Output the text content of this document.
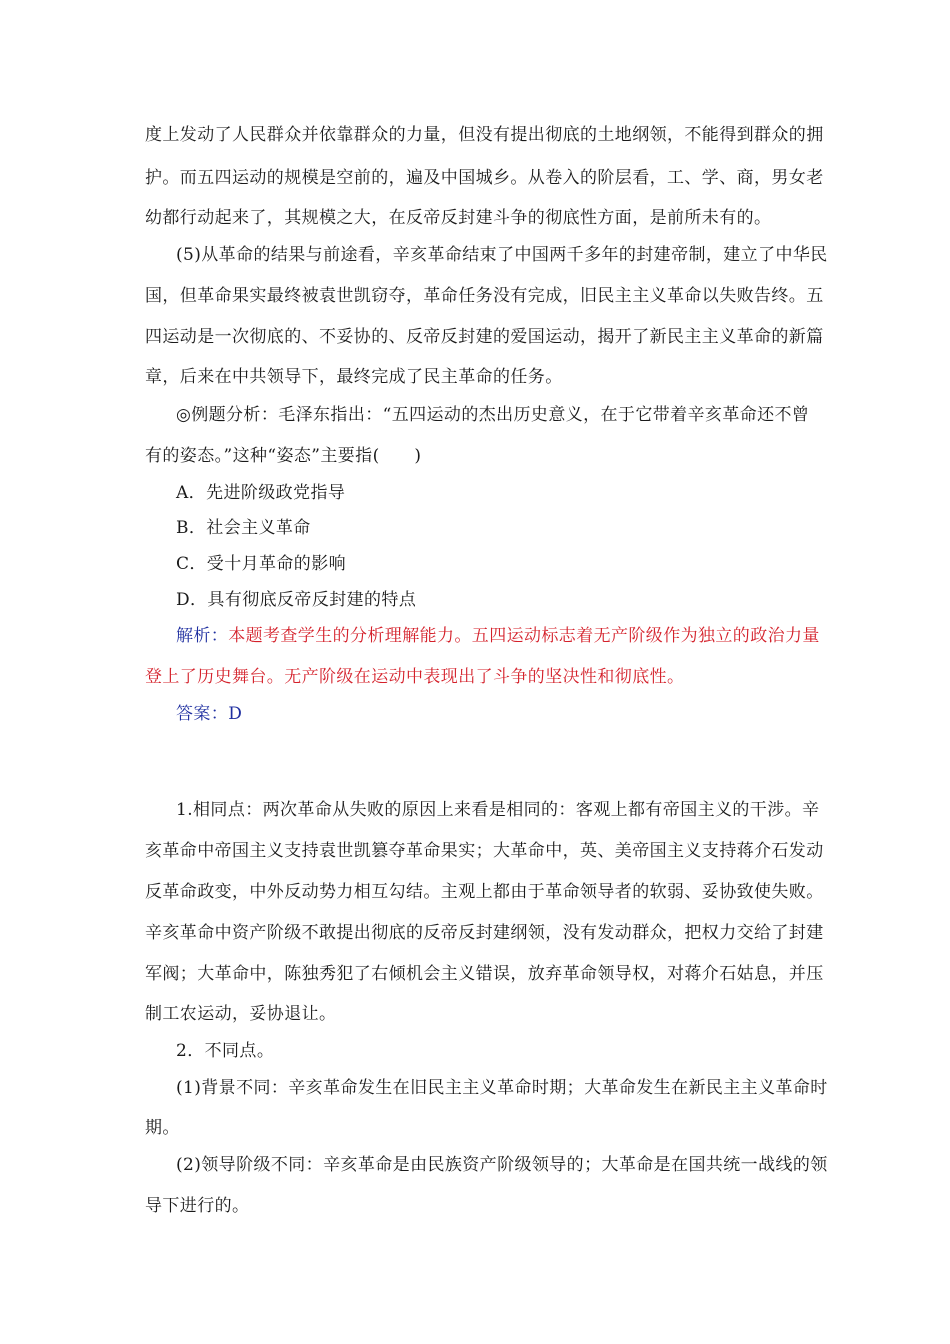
度上发动了人民群众并依靠群众的力量，但没有提出彻底的土地纲领，不能得到群众的拥
护。而五四运动的规模是空前的，遍及中国城乡。从卷入的阶层看，工、学、商，男女老
幼都行动起来了，其规模之大，在反帝反封建斗争的彻底性方面，是前所未有的。
(5)从革命的结果与前途看，辛亥革命结束了中国两千多年的封建帝制，建立了中华民
国，但革命果实最终被袁世凯窃夺，革命任务没有完成，旧民主主义革命以失败告终。五
四运动是一次彻底的、不妥协的、反帝反封建的爱国运动，揭开了新民主主义革命的新篇
章，后来在中共领导下，最终完成了民主革命的任务。
◎例题分析：毛泽东指出：“五四运动的杰出历史意义，在于它带着辛亥革命还不曾
有的姿态。”这种“姿态”主要指(　　)
A．先进阶级政党指导
B．社会主义革命
C．受十月革命的影响
D．具有彻底反帝反封建的特点
解析：本题考查学生的分析理解能力。五四运动标志着无产阶级作为独立的政治力量
登上了历史舞台。无产阶级在运动中表现出了斗争的坚决性和彻底性。
答案：D
1.相同点：两次革命从失败的原因上来看是相同的：客观上都有帝国主义的干涉。辛
亥革命中帝国主义支持袁世凯篡夺革命果实；大革命中，英、美帝国主义支持蒋介石发动
反革命政变，中外反动势力相互勾结。主观上都由于革命领导者的软弱、妥协致使失败。
辛亥革命中资产阶级不敢提出彻底的反帝反封建纲领，没有发动群众，把权力交给了封建
军阀；大革命中，陈独秀犯了右倾机会主义错误，放弃革命领导权，对蒋介石姑息，并压
制工农运动，妥协退让。
2．不同点。
(1)背景不同：辛亥革命发生在旧民主主义革命时期；大革命发生在新民主主义革命时
期。
(2)领导阶级不同：辛亥革命是由民族资产阶级领导的；大革命是在国共统一战线的领
导下进行的。
